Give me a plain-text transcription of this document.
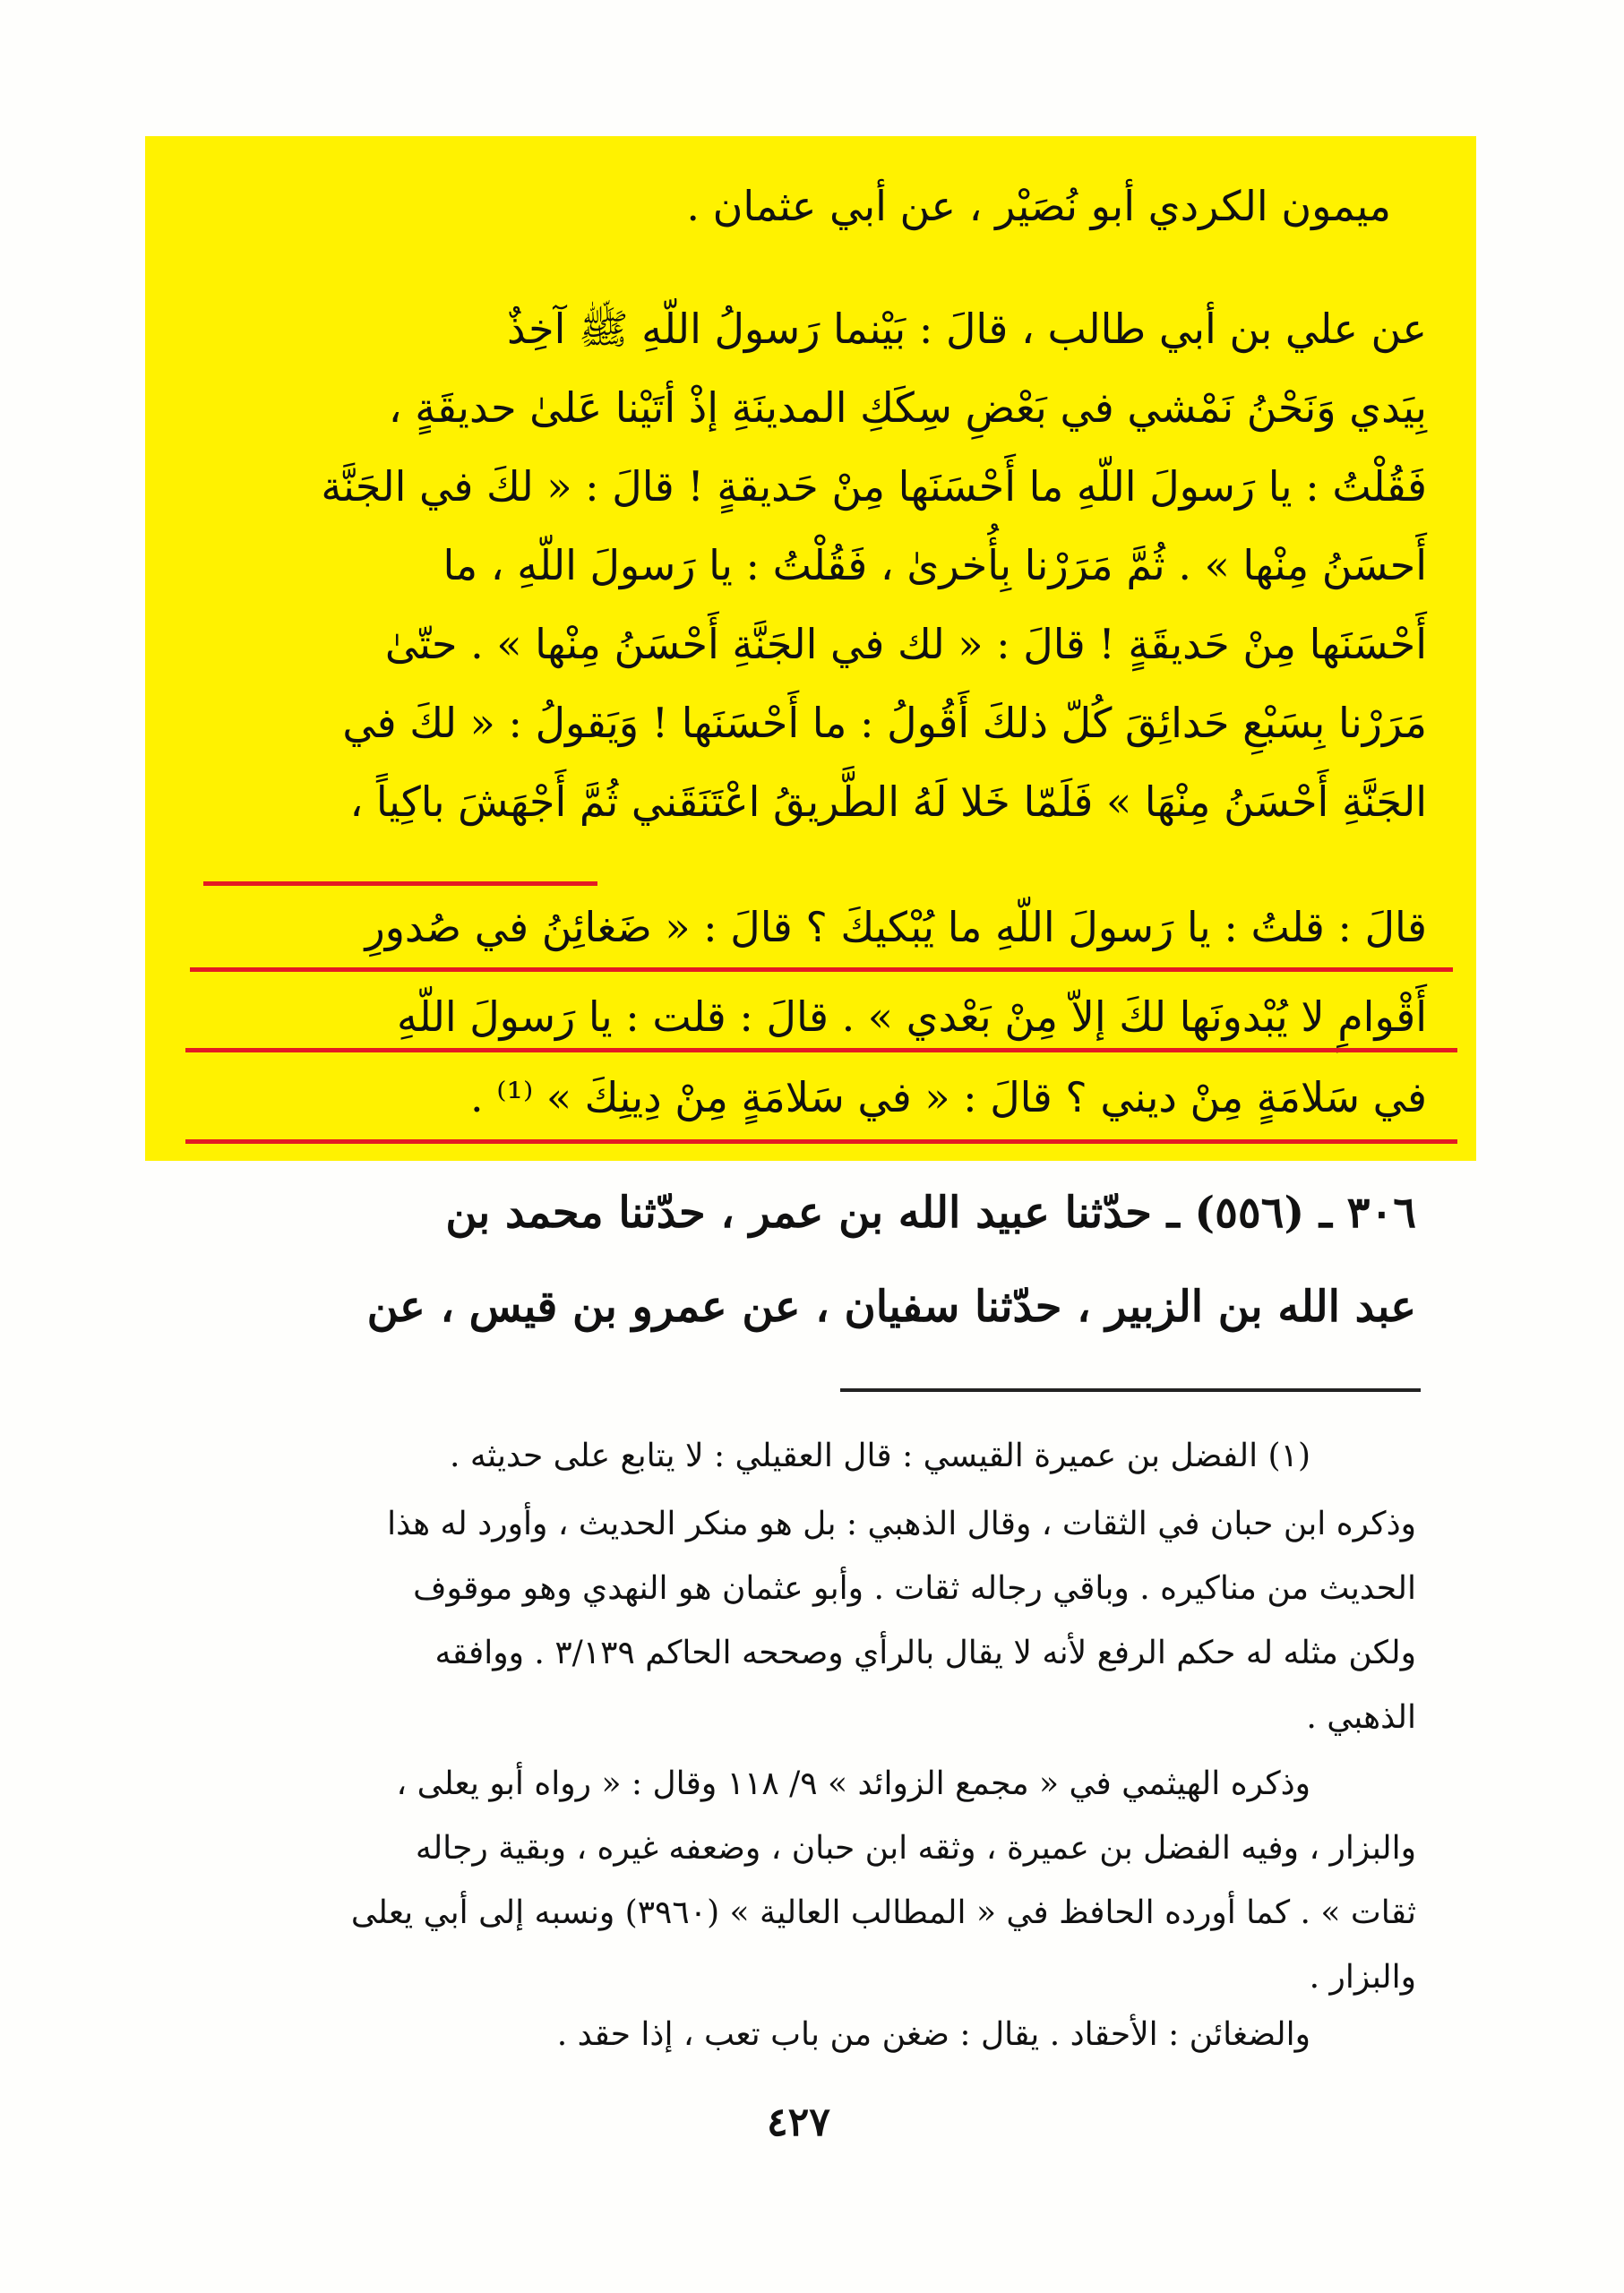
ميمون الكردي أبو نُصَيْر ، عن أبي عثمان .
عن علي بن أبي طالب ، قالَ : بَيْنما رَسولُ اللّهِ ﷺ آخِذٌ
بِيَدي وَنَحْنُ نَمْشي في بَعْضِ سِكَكِ المدينَةِ إذْ أتَيْنا عَلىٰ حديقَةٍ ،
فَقُلْتُ : يا رَسولَ اللّهِ ما أَحْسَنَها مِنْ حَديقةٍ ! قالَ : « لكَ في الجَنَّة
أَحسَنُ مِنْها » . ثُمَّ مَرَرْنا بِأُخرىٰ ، فَقُلْتُ : يا رَسولَ اللّهِ ، ما
أَحْسَنَها مِنْ حَديقَةٍ ! قالَ : « لك في الجَنَّةِ أَحْسَنُ مِنْها » . حتّىٰ
مَرَرْنا بِسَبْعِ حَدائِقَ كُلّ ذلكَ أَقُولُ : ما أَحْسَنَها ! وَيَقولُ : « لكَ في
الجَنَّةِ أَحْسَنُ مِنْهَا » فَلَمّا خَلا لَهُ الطَّريقُ اعْتَنَقَني ثُمَّ أَجْهَشَ باكِياً ،
قالَ : قلتُ : يا رَسولَ اللّهِ ما يُبْكيكَ ؟ قالَ : « ضَغائِنُ في صُدورِ
أَقْوامٍ لا يُبْدونَها لكَ إلاّ مِنْ بَعْدي » . قالَ : قلت : يا رَسولَ اللّهِ
في سَلامَةٍ مِنْ ديني ؟ قالَ : « في سَلامَةٍ مِنْ دِينِكَ » ⁽¹⁾ .
٣٠٦ ـ (٥٥٦) ـ حدّثنا عبيد الله بن عمر ، حدّثنا محمد بن
عبد الله بن الزبير ، حدّثنا سفيان ، عن عمرو بن قيس ، عن
(١) الفضل بن عميرة القيسي : قال العقيلي : لا يتابع على حديثه .
وذكره ابن حبان في الثقات ، وقال الذهبي : بل هو منكر الحديث ، وأورد له هذا
الحديث من مناكيره . وباقي رجاله ثقات . وأبو عثمان هو النهدي وهو موقوف
ولكن مثله له حكم الرفع لأنه لا يقال بالرأي وصححه الحاكم ٣/١٣٩ . ووافقه
الذهبي .
وذكره الهيثمي في « مجمع الزوائد » ٩/ ١١٨ وقال : « رواه أبو يعلى ،
والبزار ، وفيه الفضل بن عميرة ، وثقه ابن حبان ، وضعفه غيره ، وبقية رجاله
ثقات » . كما أورده الحافظ في « المطالب العالية » (٣٩٦٠) ونسبه إلى أبي يعلى
والبزار .
والضغائن : الأحقاد . يقال : ضغن من باب تعب ، إذا حقد .
٤٢٧
